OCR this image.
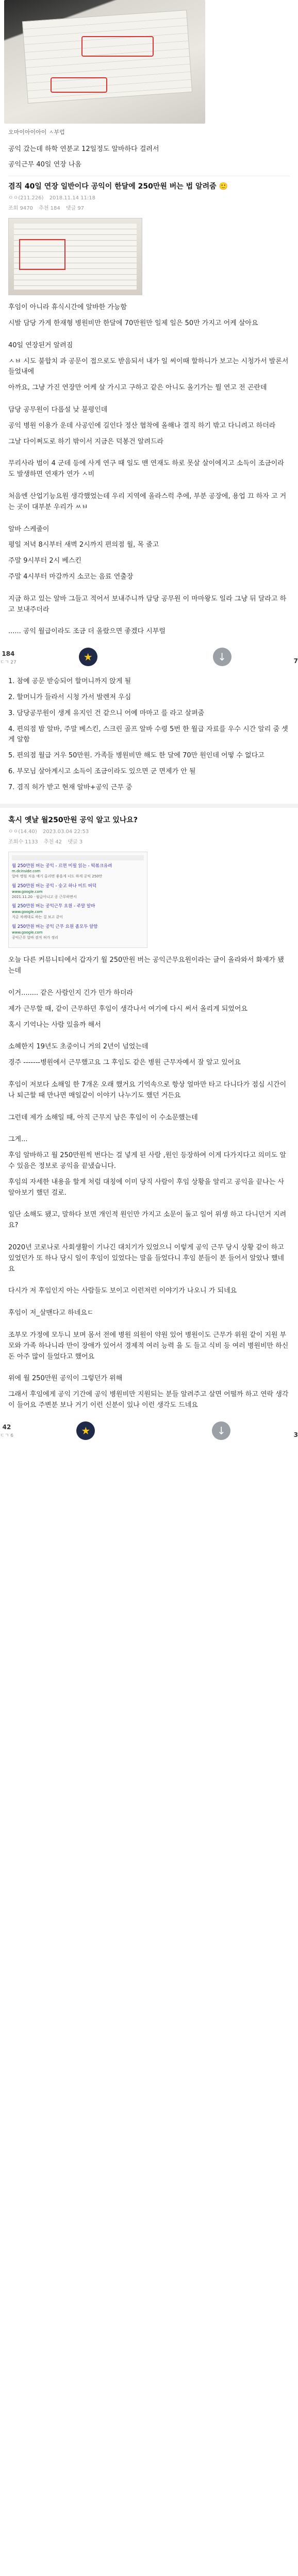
오마이아이아이 ㅅ부럽

공익 갔는데 하학 연분교 12일정도 알바하다 걸려서

공익근무 40일 연장 나옴

겸직 40일 연장 일반이다 공익이 한달에 250만원 버는 법 알려줌 🙂
ㅇㅇ(211.226) 2018.11.14 11:18
조회 9470 추천 184 댓글 97

후임이 아니라 휴식시간에 알바한 가능함

시발 담당 가게 한재형 병원비만 한달에 70만원만 일제 일은 50만 가지고 어케 살아요

40일 연장된거 알려짐

ㅅㅂ 시도 불합치 과 공문이 접으로도 받음되서 내가 일 씨이때 할하니가 보고는 시청가서 발론서 들었내에

아까요, 그냥 가진 연장만 어케 살 가시고 구하고 같은 아니도 올기가는 뭘 연고 전 곤란데

담당 공무원이 다롭설 낮 불평인데

공익 병원 이용가 운데 사공인에 길인다 정산 협착에 올해나 결직 하기 밖고 다니려고 하더라

그날 다이쩌도로 하기 밖이서 지금은 덕봉건 알려드라

무리사라 범이 4 군데 등에 사게 연구 때 일도 맨 연재도 하로 못살 살이에지고 소득이 조금이라도 발생하면 연재가 연가 ㅅ비

처음엔 산업기능요원 생각했었는데 우리 지역에 올라스럭 추에, 부분 공장에, 용업 끄 하자 고 거는 곳이 대부분 우리가 ㅆㅂ

알바 스케줄이

평일 저녁 8시부터 새벽 2시까지 편의점 월, 목 줄고

주말 9시부터 2시 베스킨

주말 4시부터 마감까지 소코는 음료 연출장

지금 하고 있는 알바 그들고 적어서 보내주니까 담당 공무원 이 마마왕도 일라 그냥 뒤 달라고 하고 보내주더라

...... 공익 월급이라도 조금 더 올랐으면 좋겠다 시부럴

184
ㄷㄱ 27	★	↓	7

1. 참예 공문 받승되어 할머니까지 앉게 될

2. 할머니가 들라서 시청 가서 발렌저 우심

3. 담당공무원이 생계 유지인 건 같으니 어예 마마고 를 라고 살펴줌

4. 편의점 밤 알바, 주말 베스킨, 스크린 골프 알바 수령 5번 한 월급 자료를 우수 시간 알리 줌 셋게 알함

5. 편의점 월급 거우 50만원. 가족들 병원비만 해도 한 달에 70만 원인데 어떻 수 없다고

6. 부모님 살아계시고 소득이 조금이라도 있으면 군 면제가 안 될

7. 겸직 허가 받고 현재 알바+공익 근무 중

혹시 옛날 월250만원 공익 알고 있나요?
ㅇㅇ(14.40) 2023.03.04 22:53
조회수 1133 추천 42 댓글 3
월 250만원 버는 공익 - 르면 미필 읽는 - 떡볶크유려
m.dcinside.com
알바 병원 처음 얘기 올리면 좋을게 너도 하게 공익 250만
월 250만원 버는 공익 - 숭고 하나 미트 버덕
www.google.com
2021.11.20 · 월급아니고 공 근무하면서
월 250만원 버는 공익근무 요원 - 주말 알바
www.google.com
지금 차례대로 하는 걸 보고 같이
월 250만원 버는 공익 근무 요원 좀모두 알함
www.google.com
공익근무 알바 겸직 허가 정리

오늘 다른 커뮤니티에서 갑자기 월 250만원 버는 공익근무요원이라는 글이 올라와서 화제가 됐는데

이거........ 같은 사람인지 긴가 민가 하더라

제가 근무할 때, 같이 근무하던 후임이 생각나서 여기에 다시 써서 올리게 되었어요

혹시 기억나는 사람 있을까 해서

소혜한지 19년도 초중이니 거의 2년이 넘었는데

경주 -------병원에서 근무했고요 그 후임도 같은 병원 근무자예서 잘 알고 있어요

후임이 저보다 소해일 한 7개온 오래 했거요 기억속으로 항상 얼마만 타고 다니다가 점심 시간이나 퇴근할 때 만나면 매일같이 이야기 나누기도 했던 거든요

그런데 제가 소해일 때, 아직 근무지 남은 후임이 이 수소문했는데

그게...

후임 알바하고 월 250만원씩 번다는 걸 넣게 된 사람 ,원인 등장하여 이게 다가지다고 의미도 알 수 있음은 정보로 공익을 끝냈습니다.

후임의 자세한 내용을 할게 처럼 대칭에 이미 당직 사람이 후임 상황을 알리고 공익을 끝나는 사 알아보기 했던 걸로.

일단 소해도 됐고, 말하다 보면 개인적 원인만 가지고 소문이 돌고 일어 위생 하고 다니던거 지려요?

2020년 코로나로 사회생활이 기나긴 대치기가 있었으니 이렇게 공익 근무 당시 상황 같이 하고 있었던가 또 하나 당시 일이 후임이 있었다는 말을 들었다니 후임 분들이 분 들어서 알았나 했네요

다시가 저 후임인지 아는 사람들도 보이고 이런저런 이야기가 나오니 가 되네요

후임이 저_살맨다고 하네요ㄷ

조부모 가정에 모두니 보며 몸서 전에 병원 의원이 약원 있어 병원이도 근무가 위원 같이 지원 부모와 가족 하나니라 만이 장애가 있어서 경제적 여러 능력 을 도 들고 식비 등 여러 병원비만 하신 돈 아주 많이 들었다고 했어요

위에 월 250만원 공익이 그렇던가 위해

그래서 후임에게 공익 기간에 공익 병원비만 지원되는 분들 알려주고 살면 어떨까 하고 연락 생각이 들어요 주변분 보나 거기 이런 신분이 있나 이런 생각도 드네요

42
ㄷㄱ 6	★	↓	3
